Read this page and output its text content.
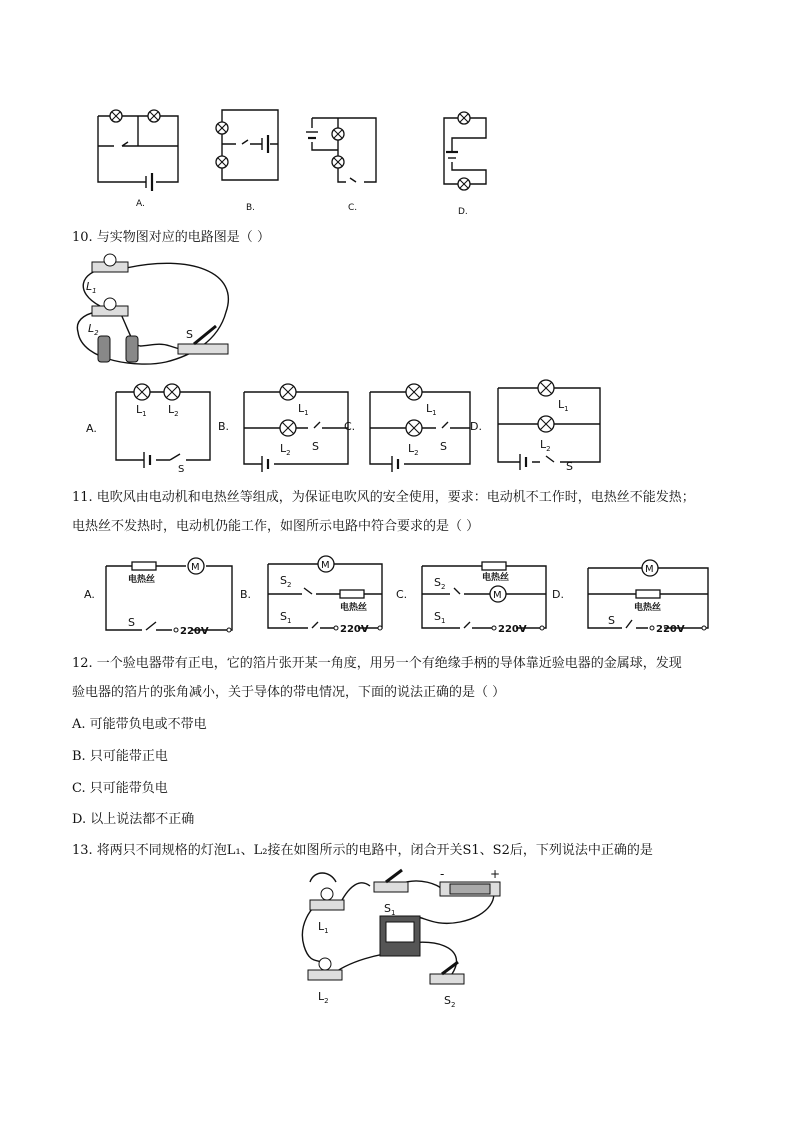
A.	B.	C.	D.
10. 与实物图对应的电路图是（ ）
$L_1$
$L_2$	S
A.
$L_1$ $L_2$
S
B.
$L_1$
$L_2$ S
C.
$L_1$
$L_2$ S
D.
$L_1$
$L_2$
S
11. 电吹风由电动机和电热丝等组成，为保证电吹风的安全使用，要求：电动机不工作时，电热丝不能发热；
电热丝不发热时，电动机仍能工作，如图所示电路中符合要求的是（ ）
A.
M
电热丝
S
220V
B.
M
$S_2$
电热丝
$S_1$
220V
C.	M
电热丝
$S_2$
$S_1$
220V
D.
M
电热丝
S
220V
12. 一个验电器带有正电，它的箔片张开某一角度，用另一个有绝缘手柄的导体靠近验电器的金属球，发现
验电器的箔片的张角减小，关于导体的带电情况，下面的说法正确的是（ ）
A. 可能带负电或不带电
B. 只可能带正电
C. 只可能带负电
D. 以上说法都不正确
13. 将两只不同规格的灯泡L₁、L₂接在如图所示的电路中，闭合开关S1、S2后，下列说法中正确的是
$L_1$
$S_1$
-	+
$L_2$	$S_2$
